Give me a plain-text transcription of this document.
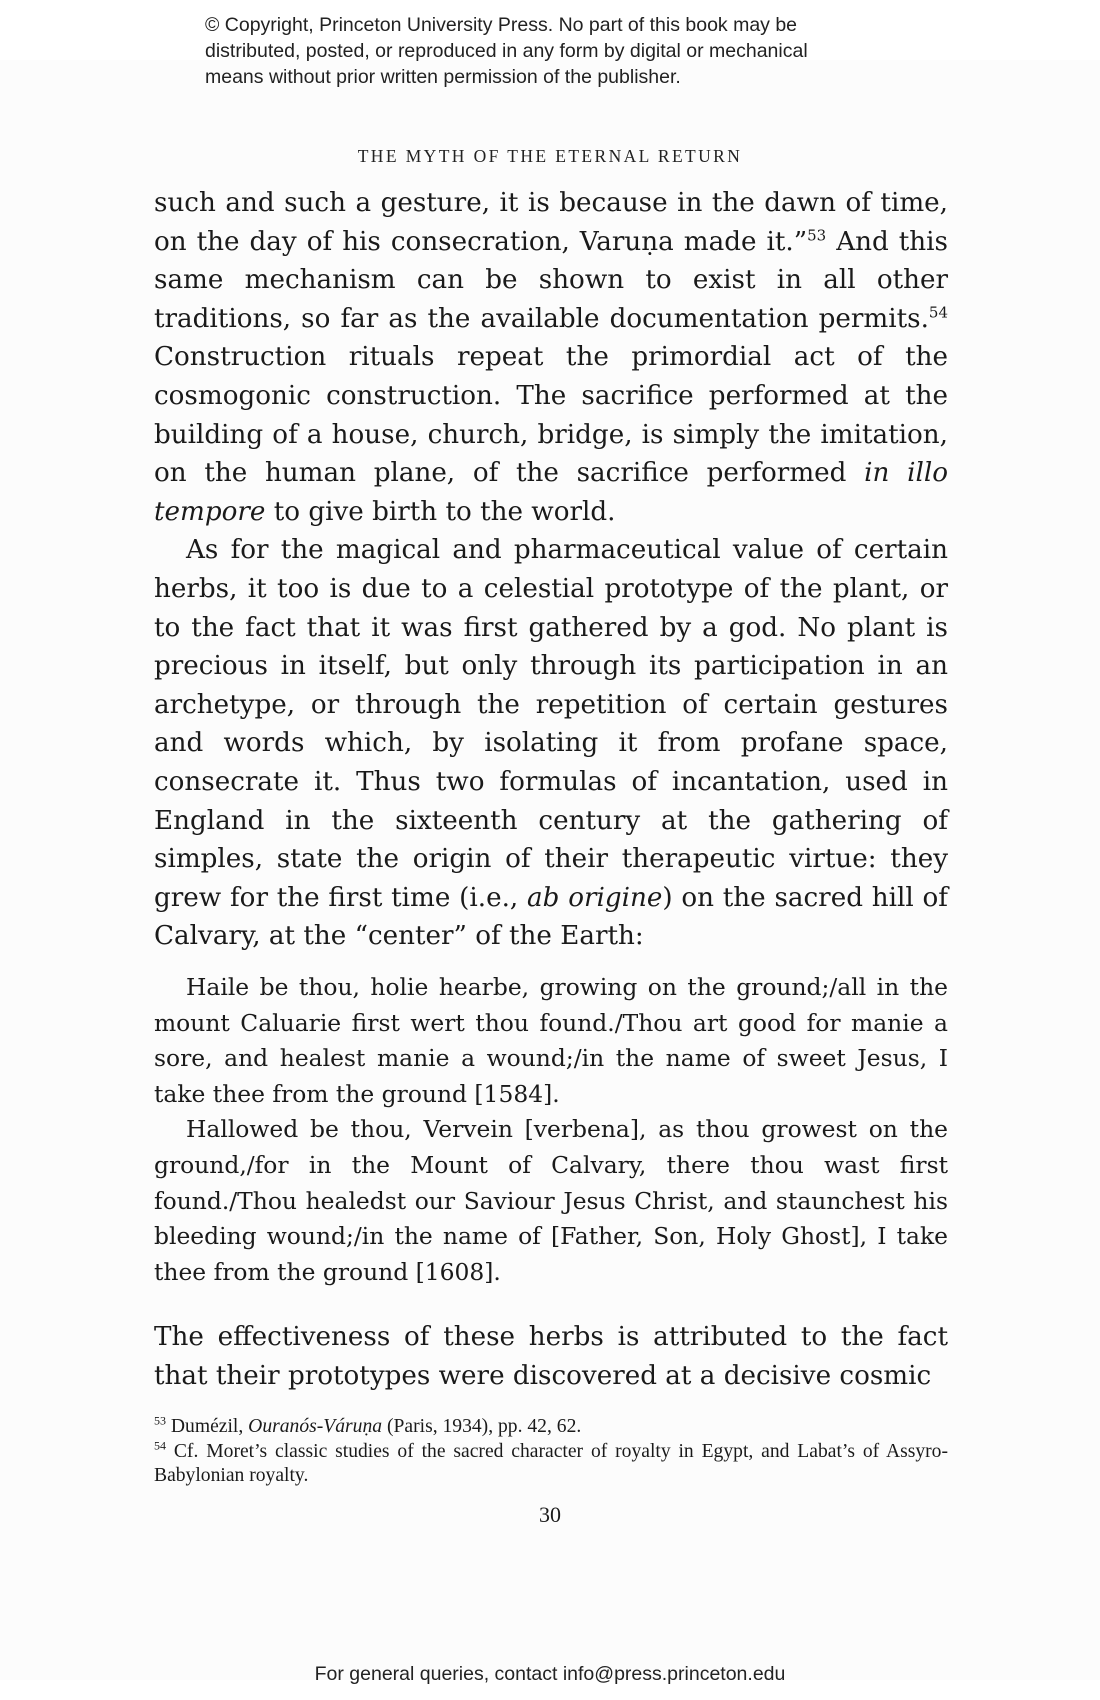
© Copyright, Princeton University Press. No part of this book may be
distributed, posted, or reproduced in any form by digital or mechanical
means without prior written permission of the publisher.
THE MYTH OF THE ETERNAL RETURN

such and such a gesture, it is because in the dawn of time, on the day of his consecration, Varuṇa made it.”$^{53}$ And this same mechanism can be shown to exist in all other traditions, so far as the available documentation permits.$^{54}$ Construction rituals repeat the primordial act of the cosmogonic construction. The sacrifice performed at the building of a house, church, bridge, is simply the imitation, on the human plane, of the sacrifice performed in illo tempore to give birth to the world.

As for the magical and pharmaceutical value of certain herbs, it too is due to a celestial prototype of the plant, or to the fact that it was first gathered by a god. No plant is precious in itself, but only through its participation in an archetype, or through the repetition of certain gestures and words which, by isolating it from profane space, consecrate it. Thus two formulas of incantation, used in England in the sixteenth century at the gathering of simples, state the origin of their therapeutic virtue: they grew for the first time (i.e., ab origine) on the sacred hill of Calvary, at the “center” of the Earth:

Haile be thou, holie hearbe, growing on the ground;/all in the mount Caluarie first wert thou found./Thou art good for manie a sore, and healest manie a wound;/in the name of sweet Jesus, I take thee from the ground [1584].

Hallowed be thou, Vervein [verbena], as thou growest on the ground,/for in the Mount of Calvary, there thou wast first found./Thou healedst our Saviour Jesus Christ, and staunchest his bleeding wound;/in the name of [Father, Son, Holy Ghost], I take thee from the ground [1608].

The effectiveness of these herbs is attributed to the fact that their prototypes were discovered at a decisive cosmic

$^{53}$ Dumézil, Ouranós-Váruṇa (Paris, 1934), pp. 42, 62.

$^{54}$ Cf. Moret’s classic studies of the sacred character of royalty in Egypt, and Labat’s of Assyro-Babylonian royalty.

30
For general queries, contact info@press.princeton.edu
